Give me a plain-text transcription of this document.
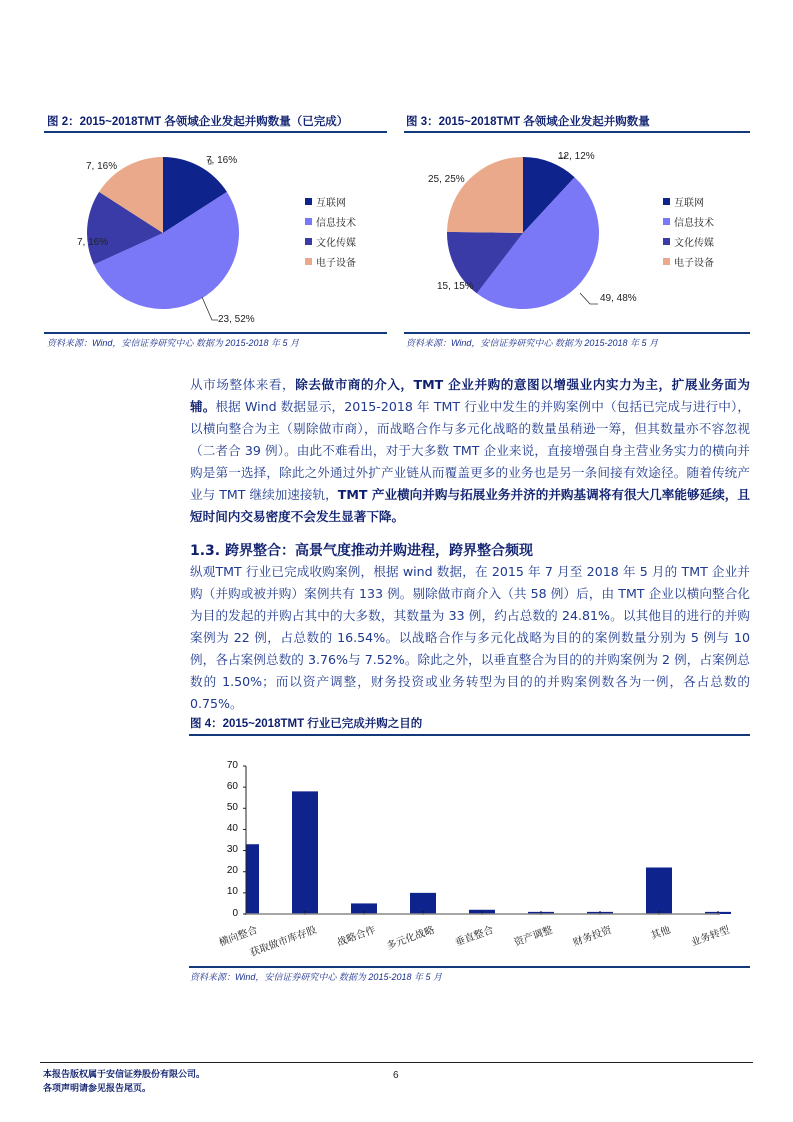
图 2：2015~2018TMT 各领域企业发起并购数量（已完成）
7, 16%
23, 52%
7, 16%
7, 16%
互联网
信息技术
文化传媒
电子设备
资料来源：Wind，安信证券研究中心 数据为 2015-2018 年 5 月
图 3：2015~2018TMT 各领域企业发起并购数量
12, 12%
49, 48%
15, 15%
25, 25%
互联网
信息技术
文化传媒
电子设备
资料来源：Wind，安信证券研究中心 数据为 2015-2018 年 5 月
从市场整体来看，除去做市商的介入，TMT 企业并购的意图以增强业内实力为主，扩展业务面为辅。根据 Wind 数据显示，2015-2018 年 TMT 行业中发生的并购案例中（包括已完成与进行中），以横向整合为主（剔除做市商），而战略合作与多元化战略的数量虽稍逊一筹，但其数量亦不容忽视（二者合 39 例）。由此不难看出，对于大多数 TMT 企业来说，直接增强自身主营业务实力的横向并购是第一选择，除此之外通过外扩产业链从而覆盖更多的业务也是另一条间接有效途径。随着传统产业与 TMT 继续加速接轨，TMT 产业横向并购与拓展业务并济的并购基调将有很大几率能够延续，且短时间内交易密度不会发生显著下降。
1.3. 跨界整合：高景气度推动并购进程，跨界整合频现
纵观TMT 行业已完成收购案例，根据 wind 数据，在 2015 年 7 月至 2018 年 5 月的 TMT 企业并购（并购或被并购）案例共有 133 例。剔除做市商介入（共 58 例）后，由 TMT 企业以横向整合化为目的发起的并购占其中的大多数，其数量为 33 例，约占总数的 24.81%。以其他目的进行的并购案例为 22 例，占总数的 16.54%。以战略合作与多元化战略为目的的案例数量分别为 5 例与 10 例，各占案例总数的 3.76%与 7.52%。除此之外，以垂直整合为目的的并购案例为 2 例，占案例总数的 1.50%；而以资产调整，财务投资或业务转型为目的的并购案例数各为一例，各占总数的 0.75%。
图 4：2015~2018TMT 行业已完成并购之目的
70
60
50
40
30
20
10
0
横向整合
获取做市库存股 战略合作 多元化战略 垂直整合 资产调整 财务投资	其他 业务转型
资料来源：Wind，安信证券研究中心 数据为 2015-2018 年 5 月
本报告版权属于安信证券股份有限公司。
各项声明请参见报告尾页。
6
